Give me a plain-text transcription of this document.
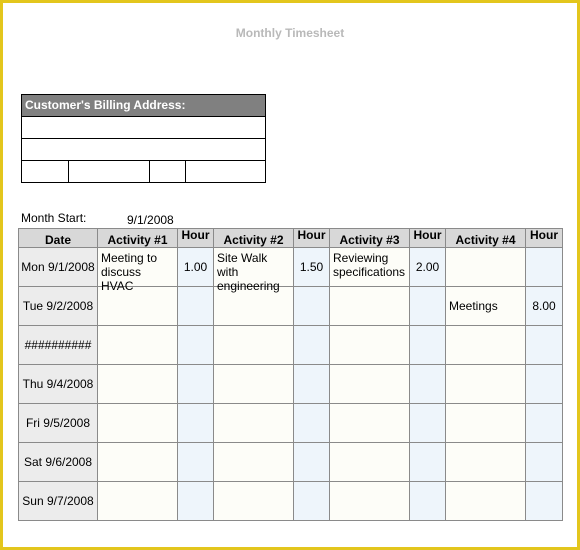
Monthly Timesheet
Customer's Billing Address:
Month Start:	9/1/2008
Date	Activity #1	Hour	Activity #2	Hour	Activity #3	Hour	Activity #4	Hour

Mon 9/1/2008	Meeting to discuss HVAC	1.00	Site Walk with engineering	1.50	Reviewing specifications	2.00		

Tue 9/2/2008							Meetings	8.00

##########								

Thu 9/4/2008								

Fri 9/5/2008								

Sat 9/6/2008								

Sun 9/7/2008								
